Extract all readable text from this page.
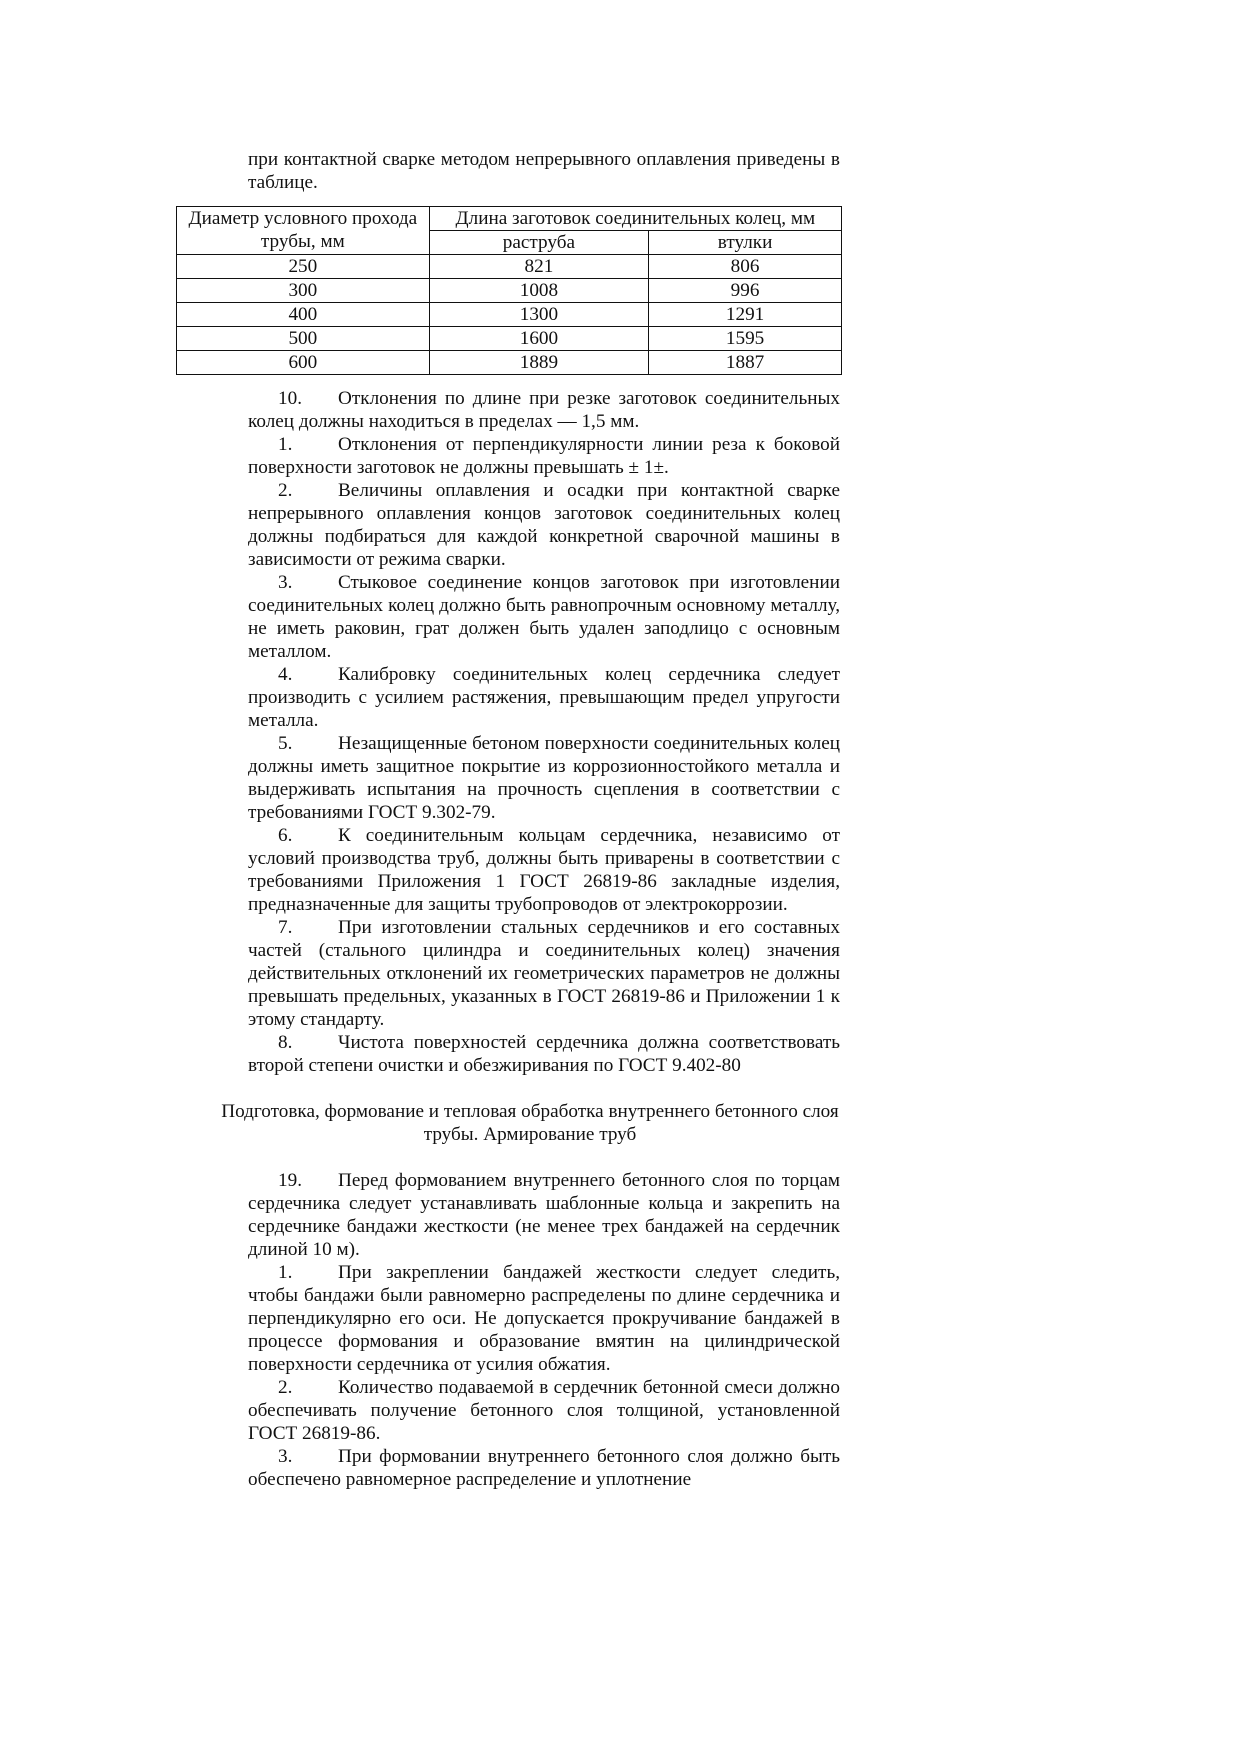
при контактной сварке методом непрерывного оплавления приведены в таблице.

Диаметр условного прохода трубы, мм	Длина заготовок соединительных колец, мм	
	раструба	втулки
250	821	806
300	1008	996
400	1300	1291
500	1600	1595
600	1889	1887

10. Отклонения по длине при резке заготовок соединительных колец должны находиться в пределах — 1,5 мм.

1. Отклонения от перпендикулярности линии реза к боковой поверхности заготовок не должны превышать ± 1±.

2. Величины оплавления и осадки при контактной сварке непрерывного оплавления концов заготовок соединительных колец должны подбираться для каждой конкретной сварочной машины в зависимости от режима сварки.

3. Стыковое соединение концов заготовок при изготовлении соединительных колец должно быть равнопрочным основному металлу, не иметь раковин, грат должен быть удален заподлицо с основным металлом.

4. Калибровку соединительных колец сердечника следует производить с усилием растяжения, превышающим предел упругости металла.

5. Незащищенные бетоном поверхности соединительных колец должны иметь защитное покрытие из коррозионностойкого металла и выдерживать испытания на прочность сцепления в соответствии с требованиями ГОСТ 9.302-79.

6. К соединительным кольцам сердечника, независимо от условий производства труб, должны быть приварены в соответствии с требованиями Приложения 1 ГОСТ 26819-86 закладные изделия, предназначенные для защиты трубопроводов от электрокоррозии.

7. При изготовлении стальных сердечников и его составных частей (стального цилиндра и соединительных колец) значения действительных отклонений их геометрических параметров не должны превышать предельных, указанных в ГОСТ 26819-86 и Приложении 1 к этому стандарту.

8. Чистота поверхностей сердечника должна соответствовать второй степени очистки и обезжиривания по ГОСТ 9.402-80

Подготовка, формование и тепловая обработка внутреннего бетонного слоя трубы. Армирование труб

19. Перед формованием внутреннего бетонного слоя по торцам сердечника следует устанавливать шаблонные кольца и закрепить на сердечнике бандажи жесткости (не менее трех бандажей на сердечник длиной 10 м).

1. При закреплении бандажей жесткости следует следить, чтобы бандажи были равномерно распределены по длине сердечника и перпендикулярно его оси. Не допускается прокручивание бандажей в процессе формования и образование вмятин на цилиндрической поверхности сердечника от усилия обжатия.

2. Количество подаваемой в сердечник бетонной смеси должно обеспечивать получение бетонного слоя толщиной, установленной ГОСТ 26819-86.

3. При формовании внутреннего бетонного слоя должно быть обеспечено равномерное распределение и уплотнение
